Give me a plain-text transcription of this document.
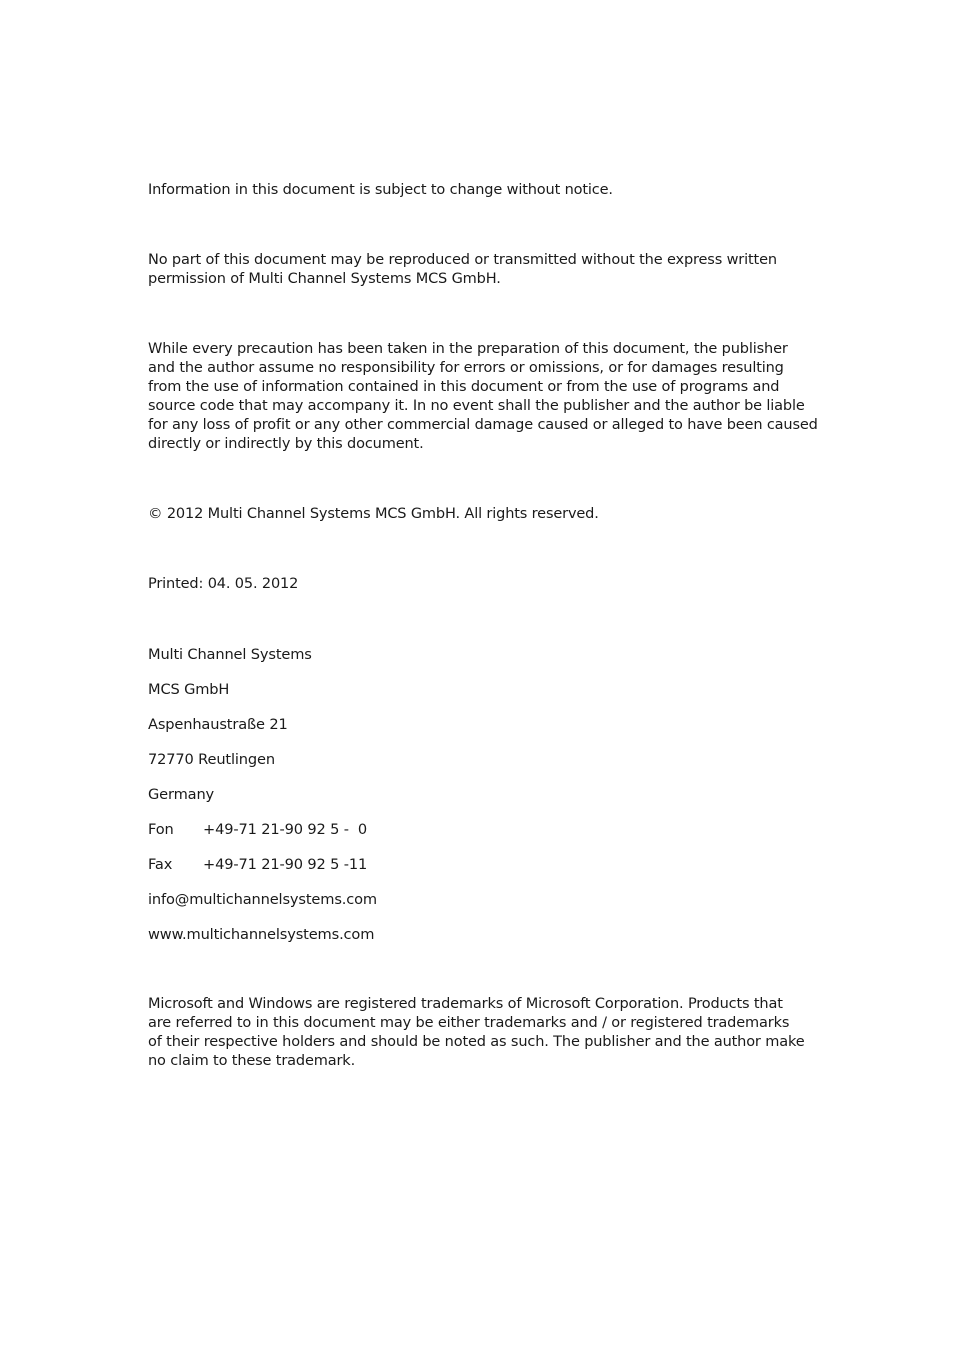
Information in this document is subject to change without notice.
No part of this document may be reproduced or transmitted without the express written
permission of Multi Channel Systems MCS GmbH.
While every precaution has been taken in the preparation of this document, the publisher
and the author assume no responsibility for errors or omissions, or for damages resulting
from the use of information contained in this document or from the use of programs and
source code that may accompany it. In no event shall the publisher and the author be liable
for any loss of profit or any other commercial damage caused or alleged to have been caused
directly or indirectly by this document.
© 2012 Multi Channel Systems MCS GmbH. All rights reserved.
Printed: 04. 05. 2012
Multi Channel Systems
MCS GmbH
Aspenhaustraße 21
72770 Reutlingen
Germany
Fon +49-71 21-90 92 5 -  0
Fax +49-71 21-90 92 5 -11
info@multichannelsystems.com
www.multichannelsystems.com
Microsoft and Windows are registered trademarks of Microsoft Corporation. Products that
are referred to in this document may be either trademarks and / or registered trademarks
of their respective holders and should be noted as such. The publisher and the author make
no claim to these trademark.
